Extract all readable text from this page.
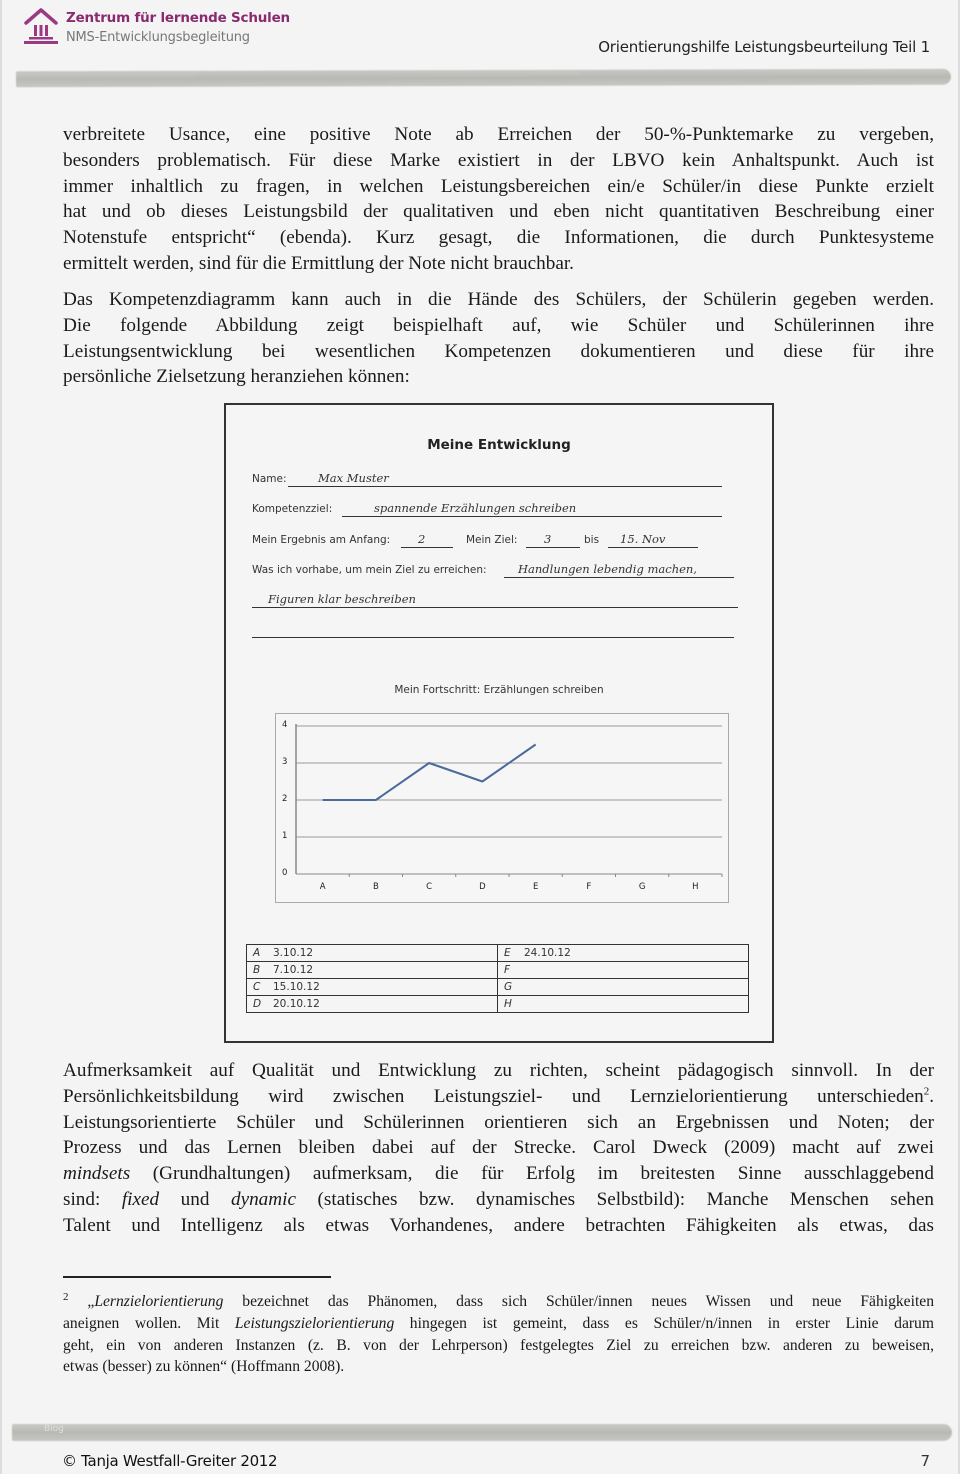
Zentrum für lernende Schulen
NMS-Entwicklungsbegleitung
Orientierungshilfe Leistungsbeurteilung Teil 1
verbreitete Usance, eine positive Note ab Erreichen der 50-%-Punktemarke zu vergeben,
besonders problematisch. Für diese Marke existiert in der LBVO kein Anhaltspunkt. Auch ist
immer inhaltlich zu fragen, in welchen Leistungsbereichen ein/e Schüler/in diese Punkte erzielt
hat und ob dieses Leistungsbild der qualitativen und eben nicht quantitativen Beschreibung einer
Notenstufe entspricht“ (ebenda). Kurz gesagt, die Informationen, die durch Punktesysteme
ermittelt werden, sind für die Ermittlung der Note nicht brauchbar.
Das Kompetenzdiagramm kann auch in die Hände des Schülers, der Schülerin gegeben werden.
Die folgende Abbildung zeigt beispielhaft auf, wie Schüler und Schülerinnen ihre
Leistungsentwicklung bei wesentlichen Kompetenzen dokumentieren und diese für ihre
persönliche Zielsetzung heranziehen können:
Meine Entwicklung
Name:	Max Muster
Kompetenzziel:	spannende Erzählungen schreiben
Mein Ergebnis am Anfang: 2	Mein Ziel: 3	bis 15. Nov
Was ich vorhabe, um mein Ziel zu erreichen:	Handlungen lebendig machen,
Figuren klar beschreiben
Mein Fortschritt: Erzählungen schreiben
0
1
2
3
4
A	B	C	D	E	F	G	H
A 3.10.12	E 24.10.12
B 7.10.12	F
C 15.10.12	G
D 20.10.12	H
Aufmerksamkeit auf Qualität und Entwicklung zu richten, scheint pädagogisch sinnvoll. In der
Persönlichkeitsbildung wird zwischen Leistungsziel- und Lernzielorientierung unterschieden$^2$.
Leistungsorientierte Schüler und Schülerinnen orientieren sich an Ergebnissen und Noten; der
Prozess und das Lernen bleiben dabei auf der Strecke. Carol Dweck (2009) macht auf zwei
mindsets (Grundhaltungen) aufmerksam, die für Erfolg im breitesten Sinne ausschlaggebend
sind: fixed und dynamic (statisches bzw. dynamisches Selbstbild): Manche Menschen sehen
Talent und Intelligenz als etwas Vorhandenes, andere betrachten Fähigkeiten als etwas, das
$^2$ „Lernzielorientierung bezeichnet das Phänomen, dass sich Schüler/innen neues Wissen und neue Fähigkeiten
aneignen wollen. Mit Leistungszielorientierung hingegen ist gemeint, dass es Schüler/n/innen in erster Linie darum
geht, ein von anderen Instanzen (z. B. von der Lehrperson) festgelegtes Ziel zu erreichen bzw. anderen zu beweisen,
etwas (besser) zu können“ (Hoffmann 2008).
Blog
© Tanja Westfall-Greiter 2012	7
